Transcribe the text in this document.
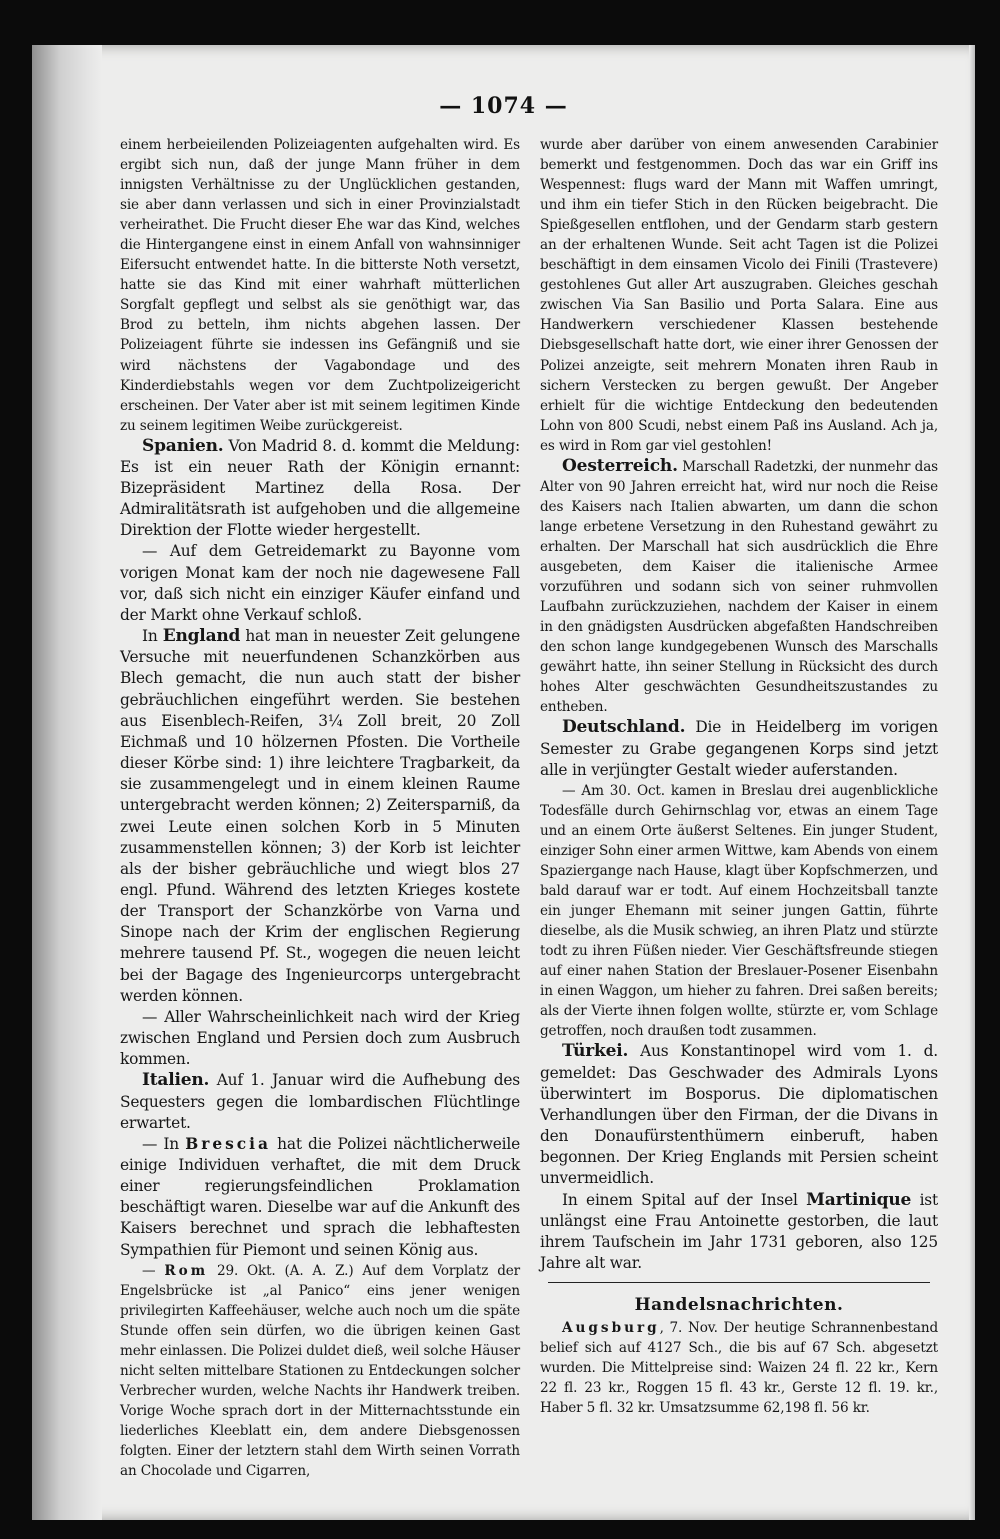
— 1074 —

einem herbeieilenden Polizeiagenten aufgehalten wird. Es ergibt sich nun, daß der junge Mann früher in dem innigsten Verhältnisse zu der Unglücklichen gestanden, sie aber dann verlassen und sich in einer Provinzialstadt verheirathet. Die Frucht dieser Ehe war das Kind, welches die Hintergangene einst in einem Anfall von wahnsinniger Eifersucht entwendet hatte. In die bitterste Noth versetzt, hatte sie das Kind mit einer wahrhaft mütterlichen Sorgfalt gepflegt und selbst als sie genöthigt war, das Brod zu betteln, ihm nichts abgehen lassen. Der Polizeiagent führte sie indessen ins Gefängniß und sie wird nächstens der Vagabondage und des Kinderdiebstahls wegen vor dem Zuchtpolizeigericht erscheinen. Der Vater aber ist mit seinem legitimen Kinde zu seinem legitimen Weibe zurückgereist.

Spanien. Von Madrid 8. d. kommt die Meldung: Es ist ein neuer Rath der Königin ernannt: Bizepräsident Martinez della Rosa. Der Admiralitätsrath ist aufgehoben und die allgemeine Direktion der Flotte wieder hergestellt.

— Auf dem Getreidemarkt zu Bayonne vom vorigen Monat kam der noch nie dagewesene Fall vor, daß sich nicht ein einziger Käufer einfand und der Markt ohne Verkauf schloß.

In England hat man in neuester Zeit gelungene Versuche mit neuerfundenen Schanzkörben aus Blech gemacht, die nun auch statt der bisher gebräuchlichen eingeführt werden. Sie bestehen aus Eisenblech-Reifen, 3¼ Zoll breit, 20 Zoll Eichmaß und 10 hölzernen Pfosten. Die Vortheile dieser Körbe sind: 1) ihre leichtere Tragbarkeit, da sie zusammengelegt und in einem kleinen Raume untergebracht werden können; 2) Zeitersparniß, da zwei Leute einen solchen Korb in 5 Minuten zusammenstellen können; 3) der Korb ist leichter als der bisher gebräuchliche und wiegt blos 27 engl. Pfund. Während des letzten Krieges kostete der Transport der Schanzkörbe von Varna und Sinope nach der Krim der englischen Regierung mehrere tausend Pf. St., wogegen die neuen leicht bei der Bagage des Ingenieurcorps untergebracht werden können.

— Aller Wahrscheinlichkeit nach wird der Krieg zwischen England und Persien doch zum Ausbruch kommen.

Italien. Auf 1. Januar wird die Aufhebung des Sequesters gegen die lombardischen Flüchtlinge erwartet.

— In Brescia hat die Polizei nächtlicherweile einige Individuen verhaftet, die mit dem Druck einer regierungsfeindlichen Proklamation beschäftigt waren. Dieselbe war auf die Ankunft des Kaisers berechnet und sprach die lebhaftesten Sympathien für Piemont und seinen König aus.

— Rom 29. Okt. (A. A. Z.) Auf dem Vorplatz der Engelsbrücke ist „al Panico“ eins jener wenigen privilegirten Kaffeehäuser, welche auch noch um die späte Stunde offen sein dürfen, wo die übrigen keinen Gast mehr einlassen. Die Polizei duldet dieß, weil solche Häuser nicht selten mittelbare Stationen zu Entdeckungen solcher Verbrecher wurden, welche Nachts ihr Handwerk treiben. Vorige Woche sprach dort in der Mitternachtsstunde ein liederliches Kleeblatt ein, dem andere Diebsgenossen folgten. Einer der letztern stahl dem Wirth seinen Vorrath an Chocolade und Cigarren,

wurde aber darüber von einem anwesenden Carabinier bemerkt und festgenommen. Doch das war ein Griff ins Wespennest: flugs ward der Mann mit Waffen umringt, und ihm ein tiefer Stich in den Rücken beigebracht. Die Spießgesellen entflohen, und der Gendarm starb gestern an der erhaltenen Wunde. Seit acht Tagen ist die Polizei beschäftigt in dem einsamen Vicolo dei Finili (Trastevere) gestohlenes Gut aller Art auszugraben. Gleiches geschah zwischen Via San Basilio und Porta Salara. Eine aus Handwerkern verschiedener Klassen bestehende Diebsgesellschaft hatte dort, wie einer ihrer Genossen der Polizei anzeigte, seit mehrern Monaten ihren Raub in sichern Verstecken zu bergen gewußt. Der Angeber erhielt für die wichtige Entdeckung den bedeutenden Lohn von 800 Scudi, nebst einem Paß ins Ausland. Ach ja, es wird in Rom gar viel gestohlen!

Oesterreich. Marschall Radetzki, der nunmehr das Alter von 90 Jahren erreicht hat, wird nur noch die Reise des Kaisers nach Italien abwarten, um dann die schon lange erbetene Versetzung in den Ruhestand gewährt zu erhalten. Der Marschall hat sich ausdrücklich die Ehre ausgebeten, dem Kaiser die italienische Armee vorzuführen und sodann sich von seiner ruhmvollen Laufbahn zurückzuziehen, nachdem der Kaiser in einem in den gnädigsten Ausdrücken abgefaßten Handschreiben den schon lange kundgegebenen Wunsch des Marschalls gewährt hatte, ihn seiner Stellung in Rücksicht des durch hohes Alter geschwächten Gesundheitszustandes zu entheben.

Deutschland. Die in Heidelberg im vorigen Semester zu Grabe gegangenen Korps sind jetzt alle in verjüngter Gestalt wieder auferstanden.

— Am 30. Oct. kamen in Breslau drei augenblickliche Todesfälle durch Gehirnschlag vor, etwas an einem Tage und an einem Orte äußerst Seltenes. Ein junger Student, einziger Sohn einer armen Wittwe, kam Abends von einem Spaziergange nach Hause, klagt über Kopfschmerzen, und bald darauf war er todt. Auf einem Hochzeitsball tanzte ein junger Ehemann mit seiner jungen Gattin, führte dieselbe, als die Musik schwieg, an ihren Platz und stürzte todt zu ihren Füßen nieder. Vier Geschäftsfreunde stiegen auf einer nahen Station der Breslauer-Posener Eisenbahn in einen Waggon, um hieher zu fahren. Drei saßen bereits; als der Vierte ihnen folgen wollte, stürzte er, vom Schlage getroffen, noch draußen todt zusammen.

Türkei. Aus Konstantinopel wird vom 1. d. gemeldet: Das Geschwader des Admirals Lyons überwintert im Bosporus. Die diplomatischen Verhandlungen über den Firman, der die Divans in den Donaufürstenthümern einberuft, haben begonnen. Der Krieg Englands mit Persien scheint unvermeidlich.

In einem Spital auf der Insel Martinique ist unlängst eine Frau Antoinette gestorben, die laut ihrem Taufschein im Jahr 1731 geboren, also 125 Jahre alt war.

Handelsnachrichten.

Augsburg, 7. Nov. Der heutige Schrannenbestand belief sich auf 4127 Sch., die bis auf 67 Sch. abgesetzt wurden. Die Mittelpreise sind: Waizen 24 fl. 22 kr., Kern 22 fl. 23 kr., Roggen 15 fl. 43 kr., Gerste 12 fl. 19. kr., Haber 5 fl. 32 kr. Umsatzsumme 62,198 fl. 56 kr.
